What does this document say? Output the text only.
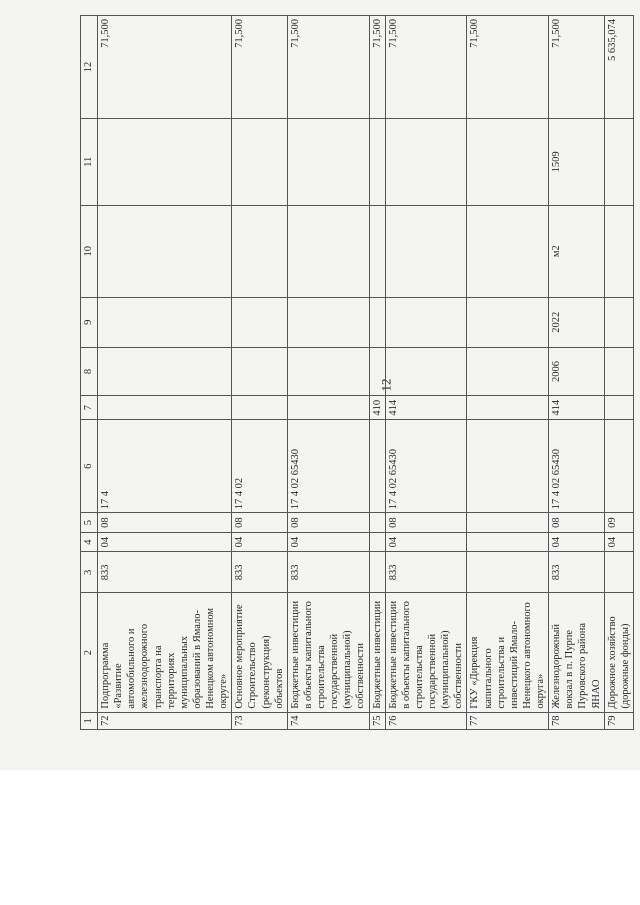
12
1	2	3	4	5	6	7	8	9	10	11	12
72	Подпрограмма «Развитие автомобильного и железнодорожного транспорта на территориях муниципальных образований в Ямало-Ненецком автономном округе»	833	04	08	17 4						71,500
73	Основное мероприятие Строительство (реконструкция) объектов	833	04	08	17 4 02						71,500
74	Бюджетные инвестиции в объекты капитального строительства государственной (муниципальной) собственности	833	04	08	17 4 02 65430						71,500
75	Бюджетные инвестиции					410					71,500
76	Бюджетные инвестиции в объекты капитального строительства государственной (муниципальной) собственности	833	04	08	17 4 02 65430	414					71,500
77	ГКУ «Дирекция капитального строительства и инвестиций Ямало-Ненецкого автономного округа»										71,500
78	Железнодорожный вокзал в п. Пурпе Пуровского района ЯНАО	833	04	08	17 4 02 65430	414	2006	2022	м2	1509	71,500
79	Дорожное хозяйство (дорожные фонды)		04	09							5 635,074
